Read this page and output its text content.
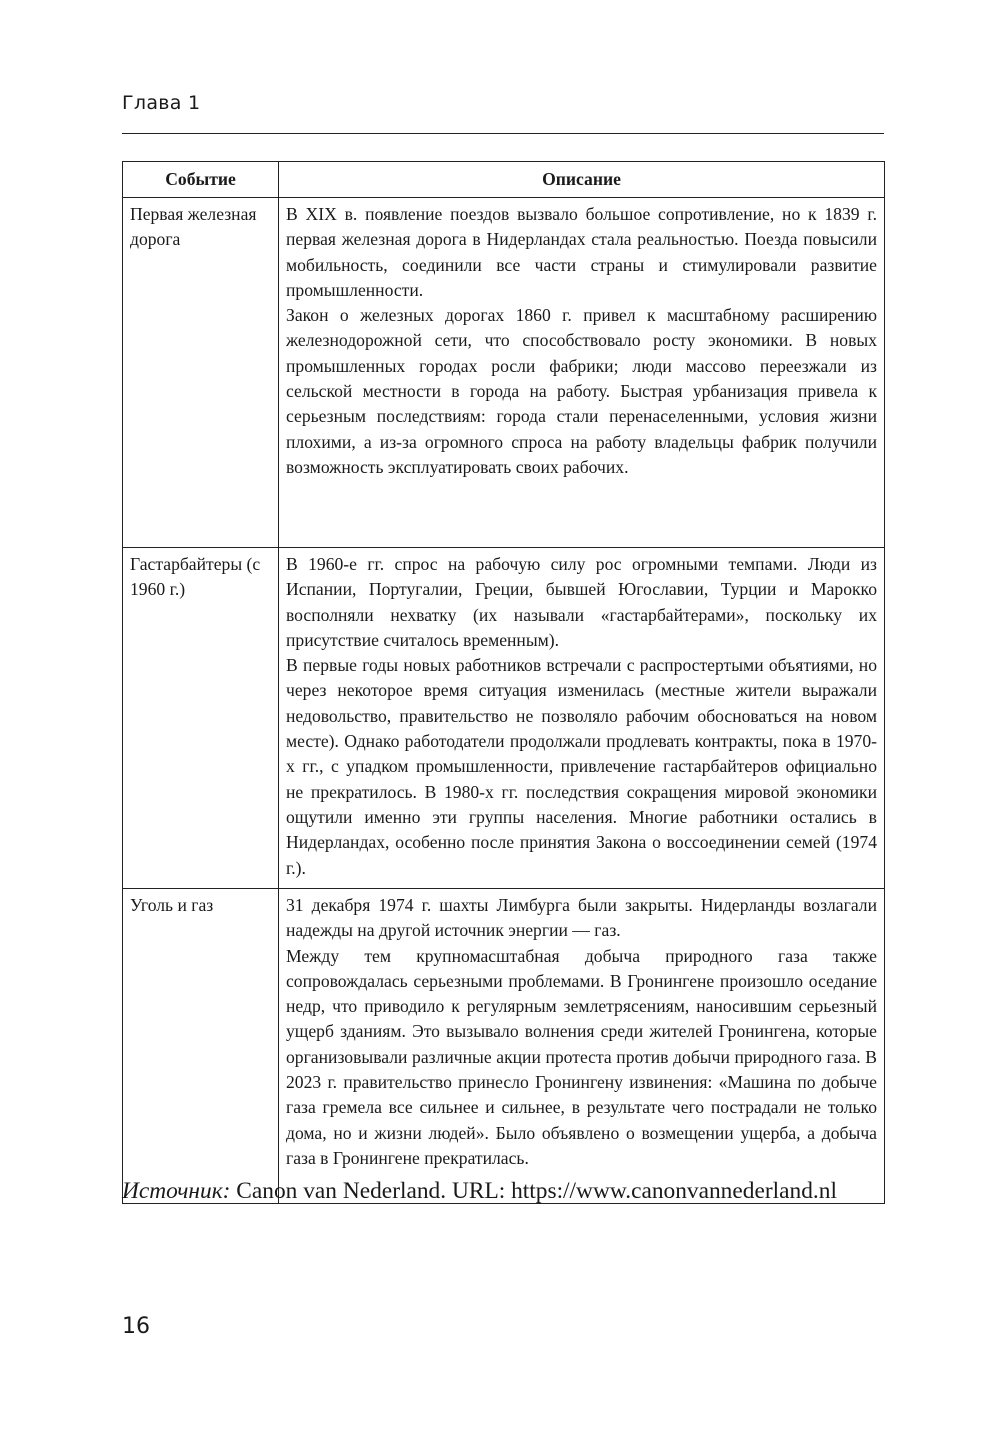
Глава 1
Событие	Описание
Первая железная дорога	В XIX в. появление поездов вызвало большое сопротивление, но к 1839 г. первая железная дорога в Нидерландах стала реальностью. Поезда повысили мобильность, соединили все части страны и стимулировали развитие промышленности.

Закон о железных дорогах 1860 г. привел к масштабному расширению железнодорожной сети, что способствовало росту экономики. В новых промышленных городах росли фабрики; люди массово переезжали из сельской местности в города на работу. Быстрая урбанизация привела к серьезным последствиям: города стали перенаселенными, условия жизни плохими, а из-за огромного спроса на работу владельцы фабрик получили возможность эксплуатировать своих рабочих.

Гастарбайтеры (с 1960 г.)	В 1960-е гг. спрос на рабочую силу рос огромными темпами. Люди из Испании, Португалии, Греции, бывшей Югославии, Турции и Марокко восполняли нехватку (их называли «гастарбайтерами», поскольку их присутствие считалось временным).

В первые годы новых работников встречали с распростертыми объятиями, но через некоторое время ситуация изменилась (местные жители выражали недовольство, правительство не позволяло рабочим обосноваться на новом месте). Однако работодатели продолжали продлевать контракты, пока в 1970-х гг., с упадком промышленности, привлечение гастарбайтеров официально не прекратилось. В 1980-х гг. последствия сокращения мировой экономики ощутили именно эти группы населения. Многие работники остались в Нидерландах, особенно после принятия Закона о воссоединении семей (1974 г.).

Уголь и газ	31 декабря 1974 г. шахты Лимбурга были закрыты. Нидерланды возлагали надежды на другой источник энергии — газ.

Между тем крупномасштабная добыча природного газа также сопровождалась серьезными проблемами. В Гронингене произошло оседание недр, что приводило к регулярным землетрясениям, наносившим серьезный ущерб зданиям. Это вызывало волнения среди жителей Гронингена, которые организовывали различные акции протеста против добычи природного газа. В 2023 г. правительство принесло Гронингену извинения: «Машина по добыче газа гремела все сильнее и сильнее, в результате чего пострадали не только дома, но и жизни людей». Было объявлено о возмещении ущерба, а добыча газа в Гронингене прекратилась.

Источник: Canon van Nederland. URL: https://www.canonvannederland.nl
16
